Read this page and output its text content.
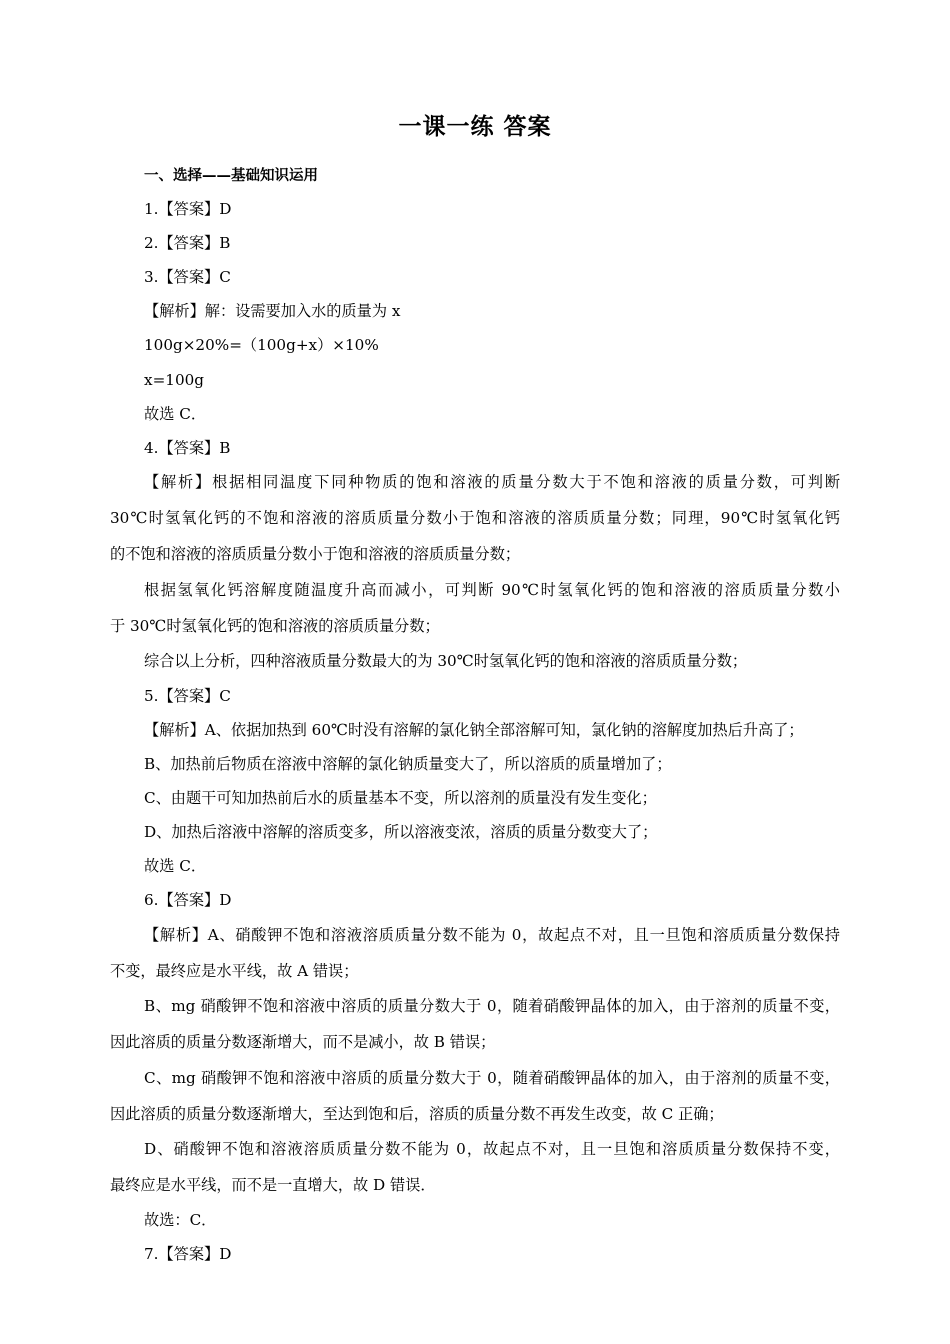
一课一练 答案
一、选择——基础知识运用
1.【答案】D
2.【答案】B
3.【答案】C
【解析】解：设需要加入水的质量为 x
100g×20%=（100g+x）×10%
x=100g
故选 C．
4.【答案】B
【解析】根据相同温度下同种物质的饱和溶液的质量分数大于不饱和溶液的质量分数，可判断
30℃时氢氧化钙的不饱和溶液的溶质质量分数小于饱和溶液的溶质质量分数；同理，90℃时氢氧化钙
的不饱和溶液的溶质质量分数小于饱和溶液的溶质质量分数；
根据氢氧化钙溶解度随温度升高而减小，可判断 90℃时氢氧化钙的饱和溶液的溶质质量分数小
于 30℃时氢氧化钙的饱和溶液的溶质质量分数；
综合以上分析，四种溶液质量分数最大的为 30℃时氢氧化钙的饱和溶液的溶质质量分数；
5.【答案】C
【解析】A、依据加热到 60℃时没有溶解的氯化钠全部溶解可知，氯化钠的溶解度加热后升高了；
B、加热前后物质在溶液中溶解的氯化钠质量变大了，所以溶质的质量增加了；
C、由题干可知加热前后水的质量基本不变，所以溶剂的质量没有发生变化；
D、加热后溶液中溶解的溶质变多，所以溶液变浓，溶质的质量分数变大了；
故选 C．
6.【答案】D
【解析】A、硝酸钾不饱和溶液溶质质量分数不能为 0，故起点不对，且一旦饱和溶质质量分数保持
不变，最终应是水平线，故 A 错误；
B、mg 硝酸钾不饱和溶液中溶质的质量分数大于 0，随着硝酸钾晶体的加入，由于溶剂的质量不变，
因此溶质的质量分数逐渐增大，而不是减小，故 B 错误；
C、mg 硝酸钾不饱和溶液中溶质的质量分数大于 0，随着硝酸钾晶体的加入，由于溶剂的质量不变，
因此溶质的质量分数逐渐增大，至达到饱和后，溶质的质量分数不再发生改变，故 C 正确；
D、硝酸钾不饱和溶液溶质质量分数不能为 0，故起点不对，且一旦饱和溶质质量分数保持不变，
最终应是水平线，而不是一直增大，故 D 错误．
故选：C．
7.【答案】D
